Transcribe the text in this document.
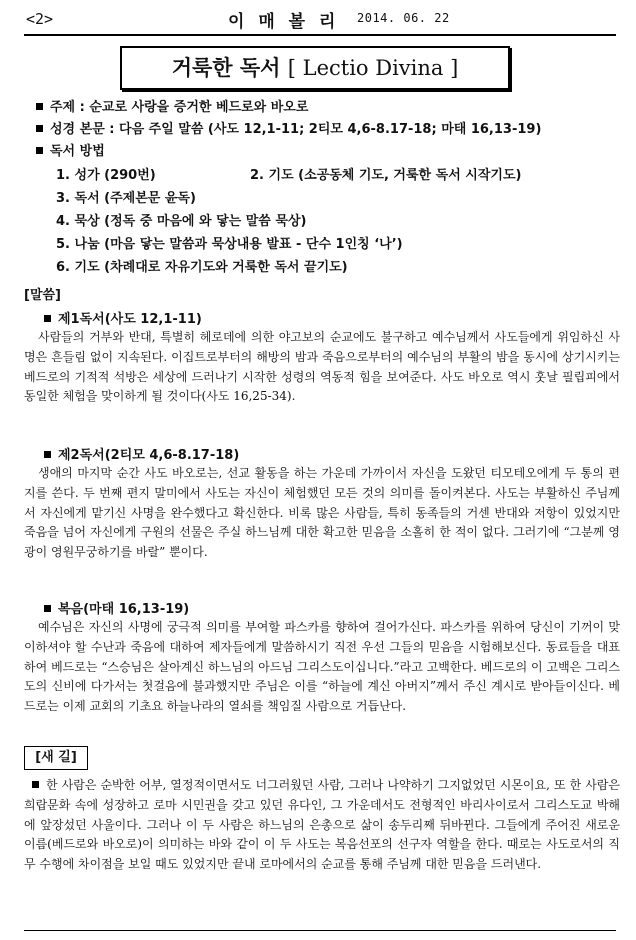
<2>	이 매 볼 리 2014. 06. 22
거룩한 독서 [ Lectio Divina ]
주제 : 순교로 사랑을 증거한 베드로와 바오로
성경 본문 : 다음 주일 말씀 (사도 12,1-11; 2티모 4,6-8.17-18; 마태 16,13-19)
독서 방법
1. 성가 (290번)	2. 기도 (소공동체 기도, 거룩한 독서 시작기도)
3. 독서 (주제본문 윤독)
4. 묵상 (정독 중 마음에 와 닿는 말씀 묵상)
5. 나눔 (마음 닿는 말씀과 묵상내용 발표 - 단수 1인칭 ‘나’)
6. 기도 (차례대로 자유기도와 거룩한 독서 끝기도)
[말씀]
제1독서(사도 12,1-11)
사람들의 거부와 반대, 특별히 헤로데에 의한 야고보의 순교에도 불구하고 예수님께서 사도들에게 위임하신 사명은 흔들림 없이 지속된다. 이집트로부터의 해방의 밤과 죽음으로부터의 예수님의 부활의 밤을 동시에 상기시키는 베드로의 기적적 석방은 세상에 드러나기 시작한 성령의 역동적 힘을 보여준다. 사도 바오로 역시 훗날 필립피에서 동일한 체험을 맞이하게 될 것이다(사도 16,25-34).
제2독서(2티모 4,6-8.17-18)
생애의 마지막 순간 사도 바오로는, 선교 활동을 하는 가운데 가까이서 자신을 도왔던 티모테오에게 두 통의 편지를 쓴다. 두 번째 편지 말미에서 사도는 자신이 체험했던 모든 것의 의미를 돌이켜본다. 사도는 부활하신 주님께서 자신에게 맡기신 사명을 완수했다고 확신한다. 비록 많은 사람들, 특히 동족들의 거센 반대와 저항이 있었지만 죽음을 넘어 자신에게 구원의 선물은 주실 하느님께 대한 확고한 믿음을 소홀히 한 적이 없다. 그러기에 “그분께 영광이 영원무궁하기를 바랄” 뿐이다.
복음(마태 16,13-19)
예수님은 자신의 사명에 궁극적 의미를 부여할 파스카를 향하여 걸어가신다. 파스카를 위하여 당신이 기꺼이 맞이하셔야 할 수난과 죽음에 대하여 제자들에게 말씀하시기 직전 우선 그들의 믿음을 시험해보신다. 동료들을 대표하여 베드로는 “스승님은 살아계신 하느님의 아드님 그리스도이십니다.”라고 고백한다. 베드로의 이 고백은 그리스도의 신비에 다가서는 첫걸음에 불과했지만 주님은 이를 “하늘에 계신 아버지”께서 주신 계시로 받아들이신다. 베드로는 이제 교회의 기초요 하늘나라의 열쇠를 책임질 사람으로 거듭난다.
[새 길]
한 사람은 순박한 어부, 열정적이면서도 너그러웠던 사람, 그러나 나약하기 그지없었던 시몬이요, 또 한 사람은 희랍문화 속에 성장하고 로마 시민권을 갖고 있던 유다인, 그 가운데서도 전형적인 바리사이로서 그리스도교 박해에 앞장섰던 사울이다. 그러나 이 두 사람은 하느님의 은총으로 삶이 송두리째 뒤바뀐다. 그들에게 주어진 새로운 이름(베드로와 바오로)이 의미하는 바와 같이 이 두 사도는 복음선포의 선구자 역할을 한다. 때로는 사도로서의 직무 수행에 차이점을 보일 때도 있었지만 끝내 로마에서의 순교를 통해 주님께 대한 믿음을 드러낸다.
